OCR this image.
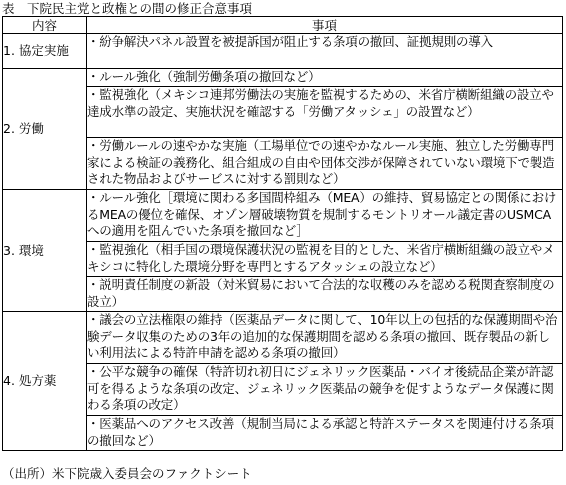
表　下院民主党と政権との間の修正合意事項
内容	事項
1. 協定実施	・紛争解決パネル設置を被提訴国が阻止する条項の撤回、証拠規則の導入
2. 労働	・ルール強化（強制労働条項の撤回など）
	・監視強化（メキシコ連邦労働法の実施を監視するための、米省庁横断組織の設立や達成水準の設定、実施状況を確認する「労働アタッシェ」の設置など）
	・労働ルールの速やかな実施（工場単位での速やかなルール実施、独立した労働専門家による検証の義務化、組合組成の自由や団体交渉が保障されていない環境下で製造された物品およびサービスに対する罰則など）
3. 環境	・ルール強化［環境に関わる多国間枠組み（MEA）の維持、貿易協定との関係におけるMEAの優位を確保、オゾン層破壊物質を規制するモントリオール議定書のUSMCAへの適用を阻んでいた条項を撤回など］
	・監視強化（相手国の環境保護状況の監視を目的とした、米省庁横断組織の設立やメキシコに特化した環境分野を専門とするアタッシェの設立など）
	・説明責任制度の新設（対米貿易において合法的な収穫のみを認める税関査察制度の設立）
4. 処方薬	・議会の立法権限の維持（医薬品データに関して、10年以上の包括的な保護期間や治験データ収集のための3年の追加的な保護期間を認める条項の撤回、既存製品の新しい利用法による特許申請を認める条項の撤回）
	・公平な競争の確保（特許切れ初日にジェネリック医薬品・バイオ後続品企業が許認可を得るような条項の改定、ジェネリック医薬品の競争を促すようなデータ保護に関わる条項の改定）
	・医薬品へのアクセス改善（規制当局による承認と特許ステータスを関連付ける条項の撤回など）
（出所）米下院歳入委員会のファクトシート
